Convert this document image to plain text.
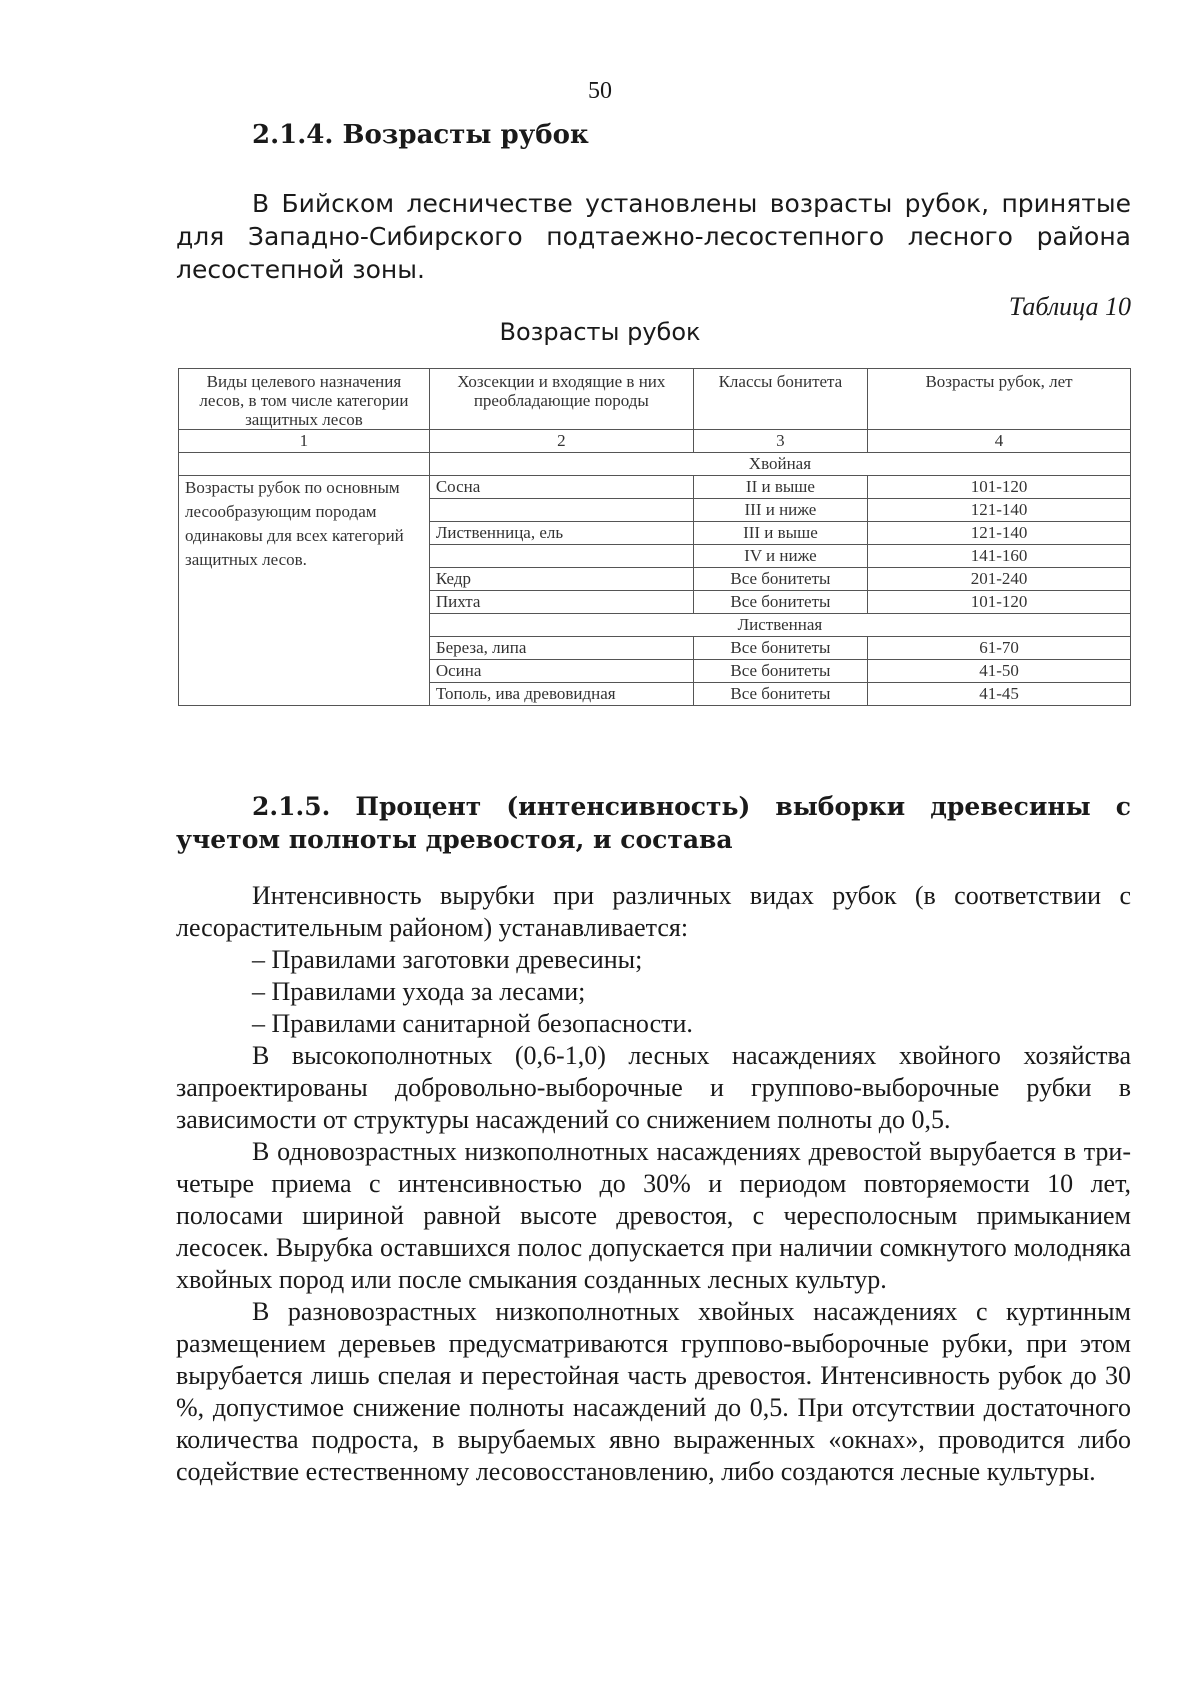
50
2.1.4. Возрасты рубок
В Бийском лесничестве установлены возрасты рубок, принятые для Западно-Сибирского подтаежно-лесостепного лесного района лесостепной зоны.
Таблица 10
Возрасты рубок
Виды целевого назначения лесов, в том числе категории защитных лесов	Хозсекции и входящие в них преобладающие породы	Классы бонитета	Возрасты рубок, лет
1	2	3	4
	Хвойная		
Возрасты рубок по основным лесообразующим породам одинаковы для всех категорий защитных лесов.	Сосна	II и выше	101-120
		III и ниже	121-140
	Лиственница, ель	III и выше	121-140
		IV и ниже	141-160
	Кедр	Все бонитеты	201-240
	Пихта	Все бонитеты	101-120
	Лиственная		
	Береза, липа	Все бонитеты	61-70
	Осина	Все бонитеты	41-50
	Тополь, ива древовидная	Все бонитеты	41-45
2.1.5. Процент (интенсивность) выборки древесины с учетом полноты древостоя, и состава

Интенсивность вырубки при различных видах рубок (в соответствии с лесорастительным районом) устанавливается:

– Правилами заготовки древесины;

– Правилами ухода за лесами;

– Правилами санитарной безопасности.

В высокополнотных (0,6-1,0) лесных насаждениях хвойного хозяйства запроектированы добровольно-выборочные и группово-выборочные рубки в зависимости от структуры насаждений со снижением полноты до 0,5.

В одновозрастных низкополнотных насаждениях древостой вырубается в три-четыре приема с интенсивностью до 30% и периодом повторяемости 10 лет, полосами шириной равной высоте древостоя, с чересполосным примыканием лесосек. Вырубка оставшихся полос допускается при наличии сомкнутого молодняка хвойных пород или после смыкания созданных лесных культур.

В разновозрастных низкополнотных хвойных насаждениях с куртинным размещением деревьев предусматриваются группово-выборочные рубки, при этом вырубается лишь спелая и перестойная часть древостоя. Интенсивность рубок до 30 %, допустимое снижение полноты насаждений до 0,5. При отсутствии достаточного количества подроста, в вырубаемых явно выраженных «окнах», проводится либо содействие естественному лесовосстановлению, либо создаются лесные культуры.
